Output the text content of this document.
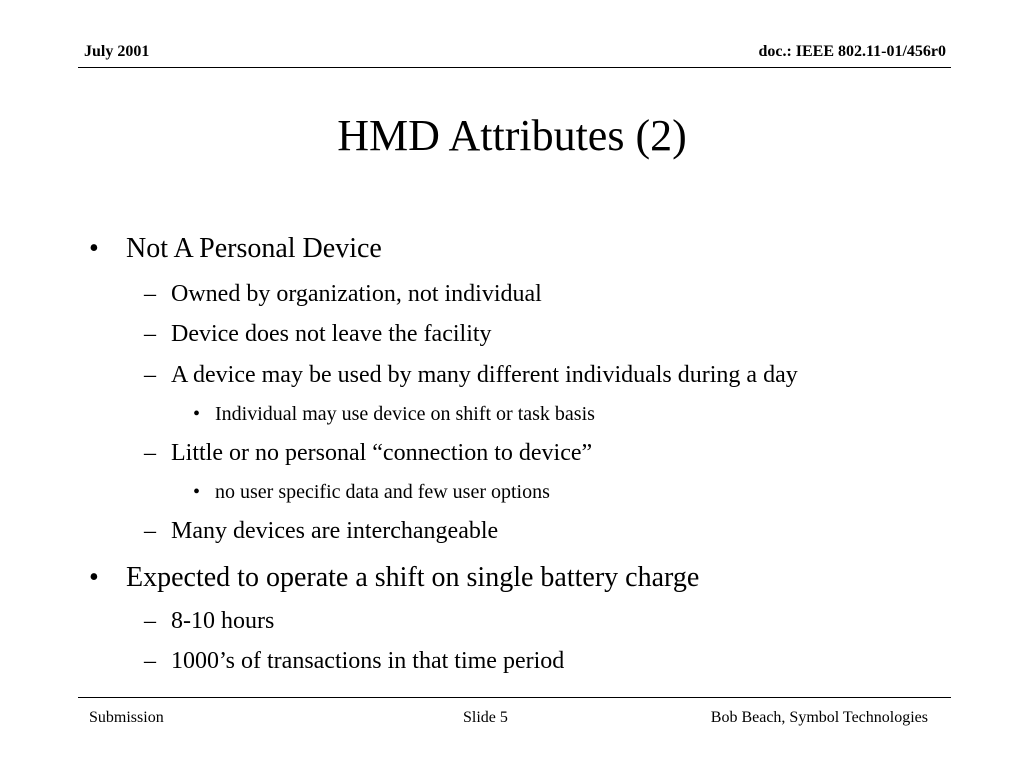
July 2001	doc.: IEEE 802.11-01/456r0
HMD Attributes (2)
• Not A Personal Device
– Owned by organization, not individual
– Device does not leave the facility
– A device may be used by many different individuals during a day
• Individual may use device on shift or task basis
– Little or no personal “connection to device”
• no user specific data and few user options
– Many devices are interchangeable
• Expected to operate a shift on single battery charge
– 8-10 hours
– 1000’s of transactions in that time period
Submission	Slide 5	Bob Beach, Symbol Technologies
